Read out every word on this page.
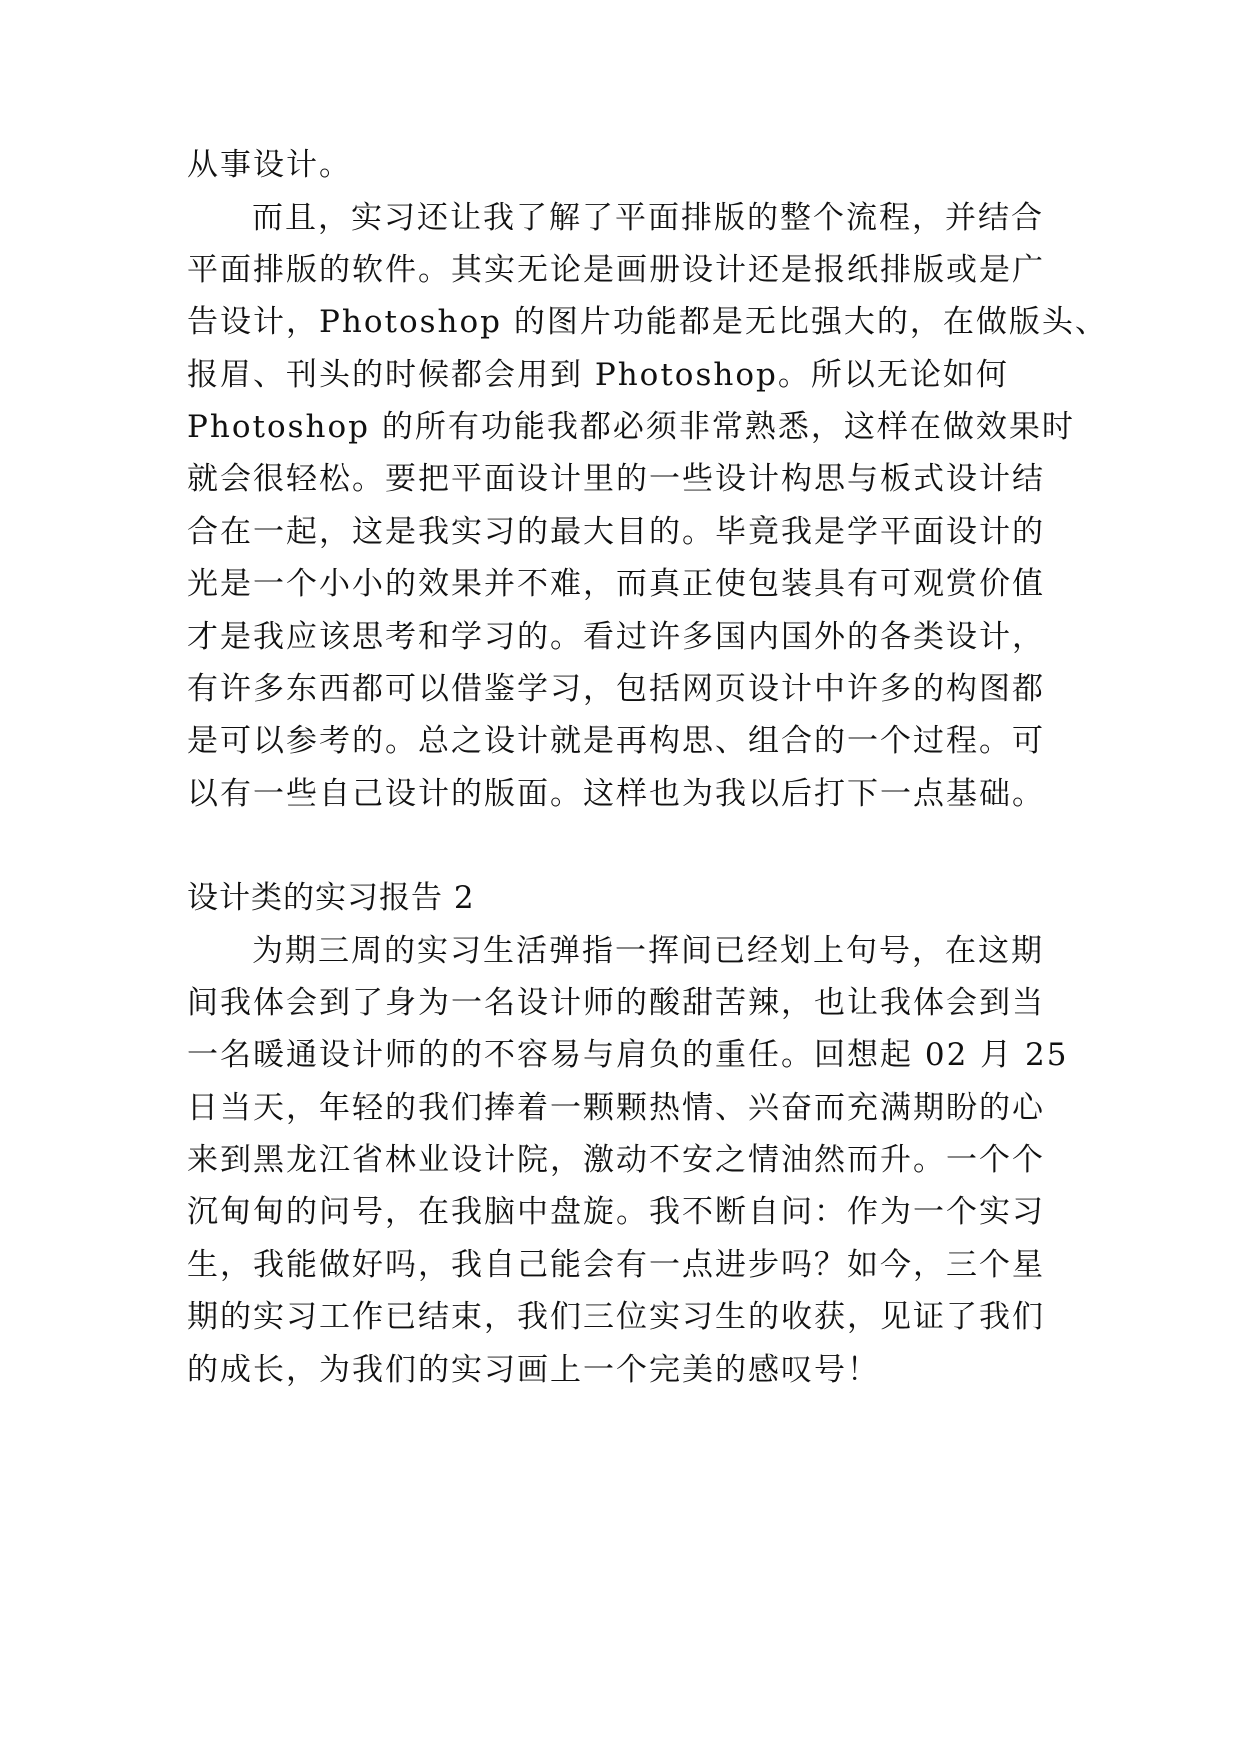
从事设计。
而且，实习还让我了解了平面排版的整个流程，并结合
平面排版的软件。其实无论是画册设计还是报纸排版或是广
告设计，Photoshop 的图片功能都是无比强大的，在做版头、
报眉、刊头的时候都会用到 Photoshop。所以无论如何
Photoshop 的所有功能我都必须非常熟悉，这样在做效果时
就会很轻松。要把平面设计里的一些设计构思与板式设计结
合在一起，这是我实习的最大目的。毕竟我是学平面设计的
光是一个小小的效果并不难，而真正使包装具有可观赏价值
才是我应该思考和学习的。看过许多国内国外的各类设计，
有许多东西都可以借鉴学习，包括网页设计中许多的构图都
是可以参考的。总之设计就是再构思、组合的一个过程。可
以有一些自己设计的版面。这样也为我以后打下一点基础。
设计类的实习报告 2
为期三周的实习生活弹指一挥间已经划上句号，在这期
间我体会到了身为一名设计师的酸甜苦辣，也让我体会到当
一名暖通设计师的的不容易与肩负的重任。回想起 02 月 25
日当天，年轻的我们捧着一颗颗热情、兴奋而充满期盼的心
来到黑龙江省林业设计院，激动不安之情油然而升。一个个
沉甸甸的问号，在我脑中盘旋。我不断自问：作为一个实习
生，我能做好吗，我自己能会有一点进步吗？如今，三个星
期的实习工作已结束，我们三位实习生的收获，见证了我们
的成长，为我们的实习画上一个完美的感叹号！
